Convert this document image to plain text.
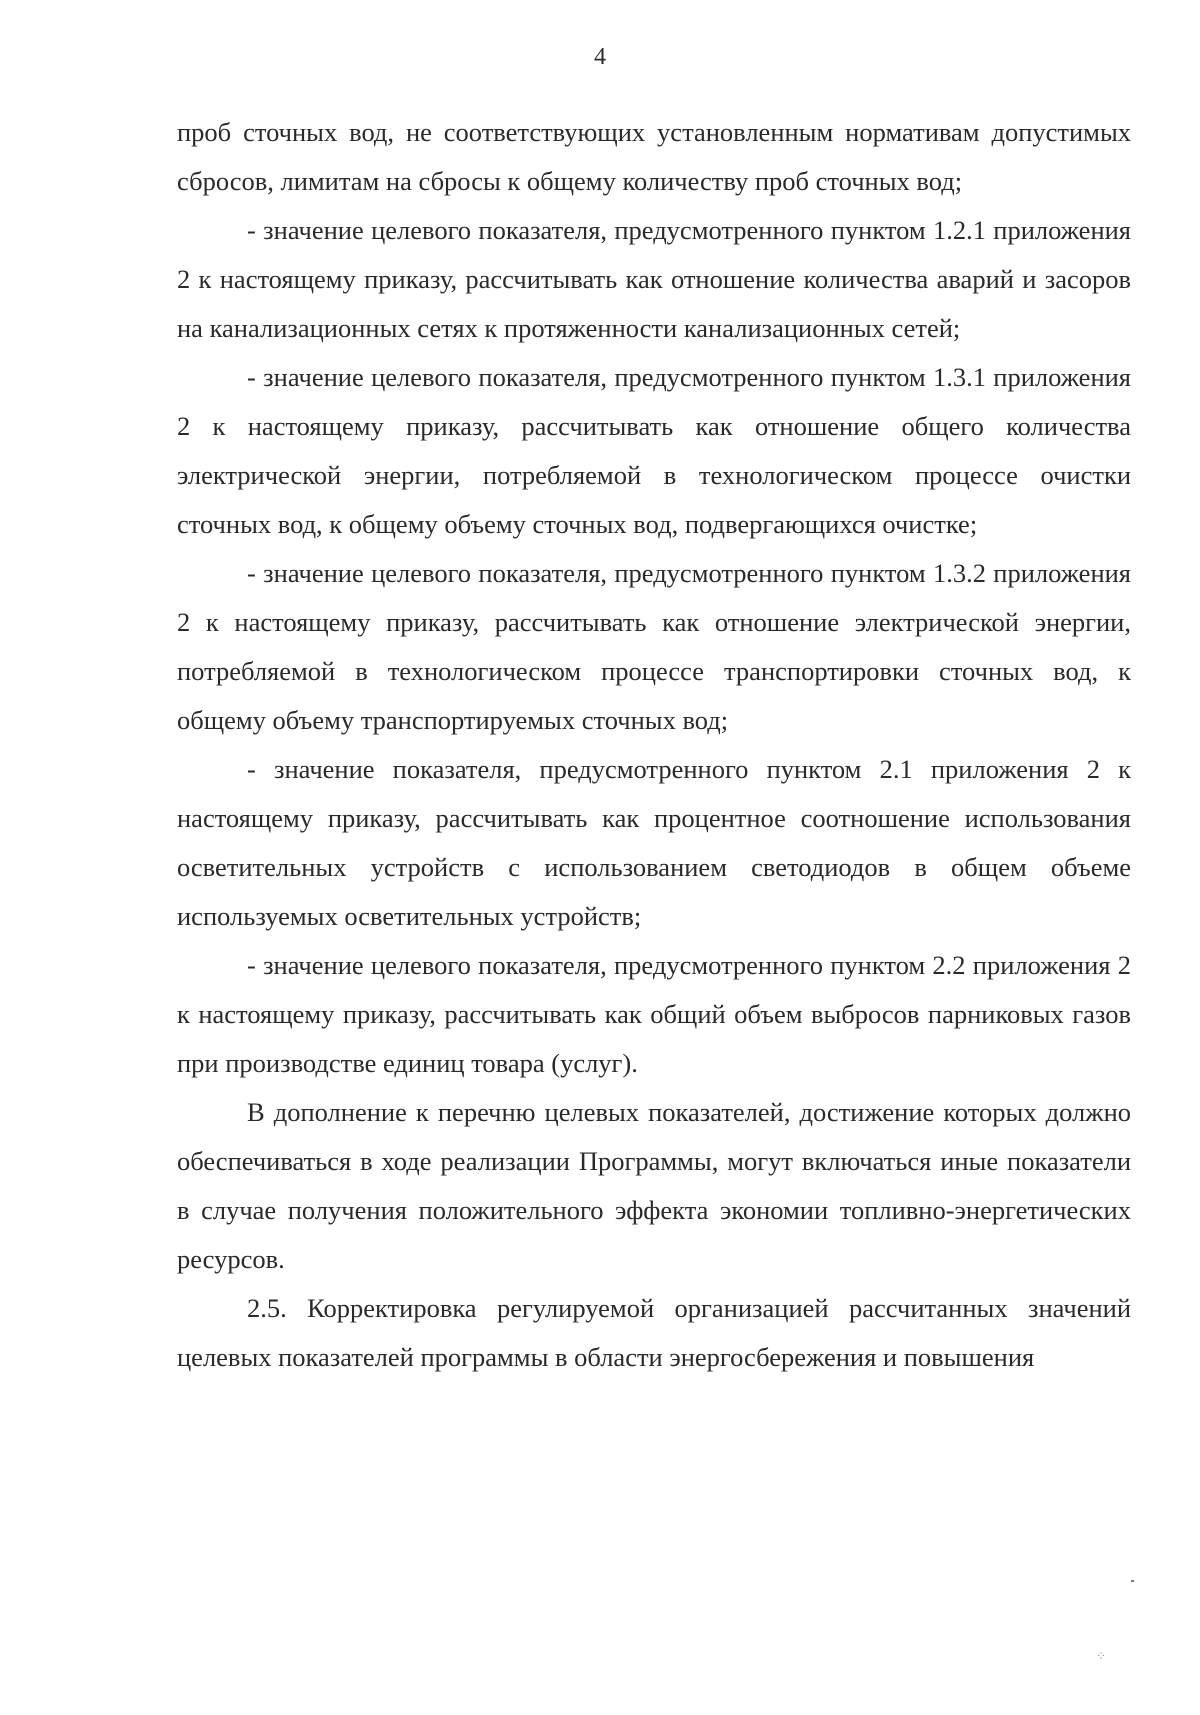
4

проб сточных вод, не соответствующих установленным нормативам допустимых сбросов, лимитам на сбросы к общему количеству проб сточных вод;

- значение целевого показателя, предусмотренного пунктом 1.2.1 приложения 2 к настоящему приказу, рассчитывать как отношение количества аварий и засоров на канализационных сетях к протяженности канализационных сетей;

- значение целевого показателя, предусмотренного пунктом 1.3.1 приложения 2 к настоящему приказу, рассчитывать как отношение общего количества электрической энергии, потребляемой в технологическом процессе очистки сточных вод, к общему объему сточных вод, подвергающихся очистке;

- значение целевого показателя, предусмотренного пунктом 1.3.2 приложения 2 к настоящему приказу, рассчитывать как отношение электрической энергии, потребляемой в технологическом процессе транспортировки сточных вод, к общему объему транспортируемых сточных вод;

- значение показателя, предусмотренного пунктом 2.1 приложения 2 к настоящему приказу, рассчитывать как процентное соотношение использования осветительных устройств с использованием светодиодов в общем объеме используемых осветительных устройств;

- значение целевого показателя, предусмотренного пунктом 2.2 приложения 2 к настоящему приказу, рассчитывать как общий объем выбросов парниковых газов при производстве единиц товара (услуг).

В дополнение к перечню целевых показателей, достижение которых должно обеспечиваться в ходе реализации Программы, могут включаться иные показатели в случае получения положительного эффекта экономии топливно-энергетических ресурсов.

2.5. Корректировка регулируемой организацией рассчитанных значений целевых показателей программы в области энергосбережения и повышения

⁘
